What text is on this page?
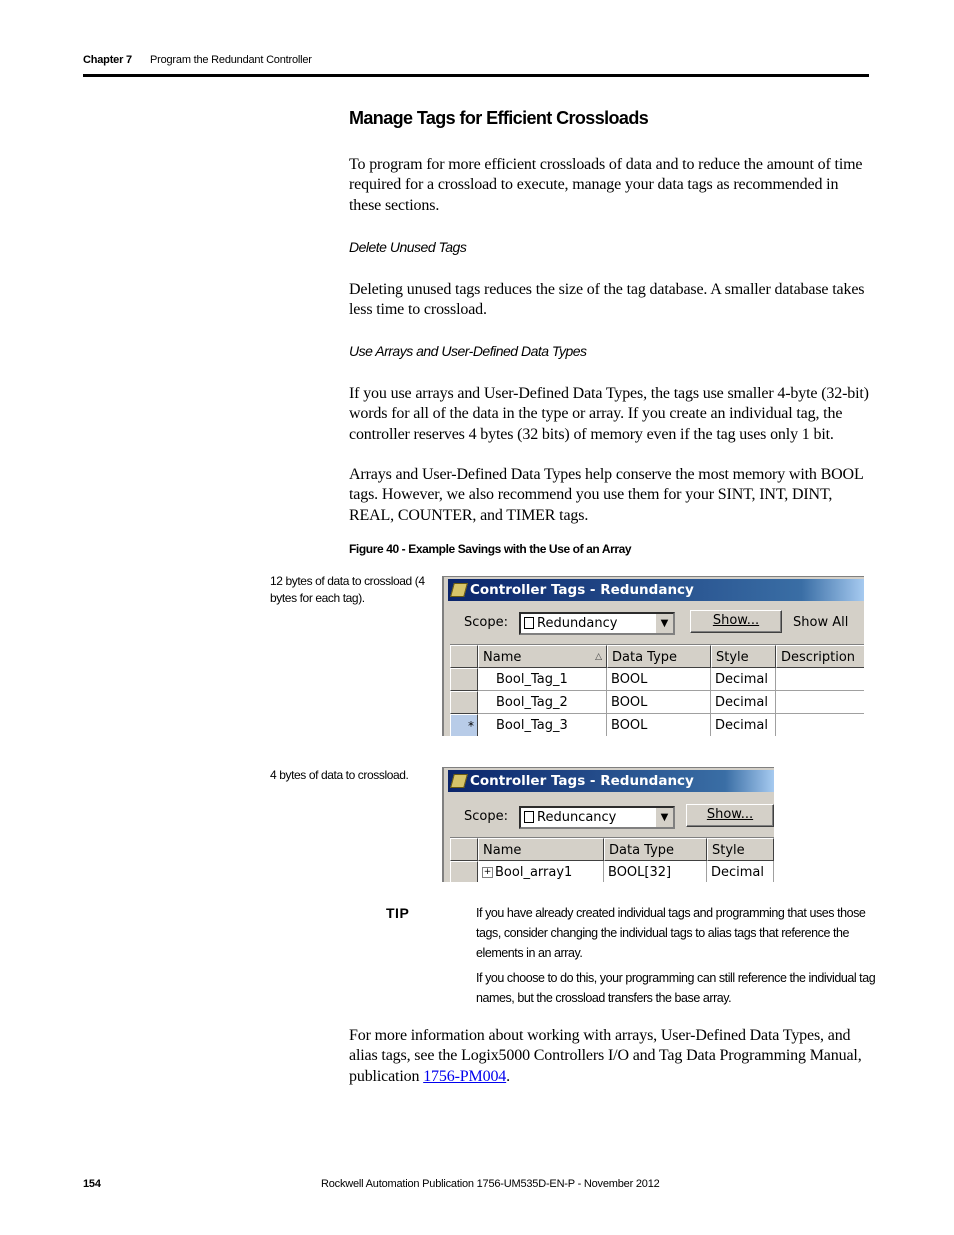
Chapter 7 Program the Redundant Controller
Manage Tags for Efficient Crossloads
To program for more efficient crossloads of data and to reduce the amount of time required for a crossload to execute, manage your data tags as recommended in these sections.
Delete Unused Tags
Deleting unused tags reduces the size of the tag database. A smaller database takes less time to crossload.
Use Arrays and User-Defined Data Types
If you use arrays and User-Defined Data Types, the tags use smaller 4-byte (32-bit) words for all of the data in the type or array. If you create an individual tag, the controller reserves 4 bytes (32 bits) of memory even if the tag uses only 1 bit.
Arrays and User-Defined Data Types help conserve the most memory with BOOL tags. However, we also recommend you use them for your SINT, INT, DINT, REAL, COUNTER, and TIMER tags.
Figure 40 - Example Savings with the Use of an Array
12 bytes of data to crossload (4 bytes for each tag).
4 bytes of data to crossload.
Controller Tags - Redundancy
Scope:	Redundancy	▼	Show...	Show All
Name	△ Data Type	Style	Description
Bool_Tag_1	BOOL	Decimal
Bool_Tag_2	BOOL	Decimal
*	Bool_Tag_3	BOOL	Decimal
Controller Tags - Redundancy
Scope:	Reduncancy	▼	Show...
Name	Data Type	Style
+ Bool_array1	BOOL[32]	Decimal
TIP	If you have already created individual tags and programming that uses those tags, consider changing the individual tags to alias tags that reference the elements in an array.
If you choose to do this, your programming can still reference the individual tag names, but the crossload transfers the base array.
For more information about working with arrays, User-Defined Data Types, and alias tags, see the Logix5000 Controllers I/O and Tag Data Programming Manual, publication 1756-PM004.
154	Rockwell Automation Publication 1756-UM535D-EN-P - November 2012
